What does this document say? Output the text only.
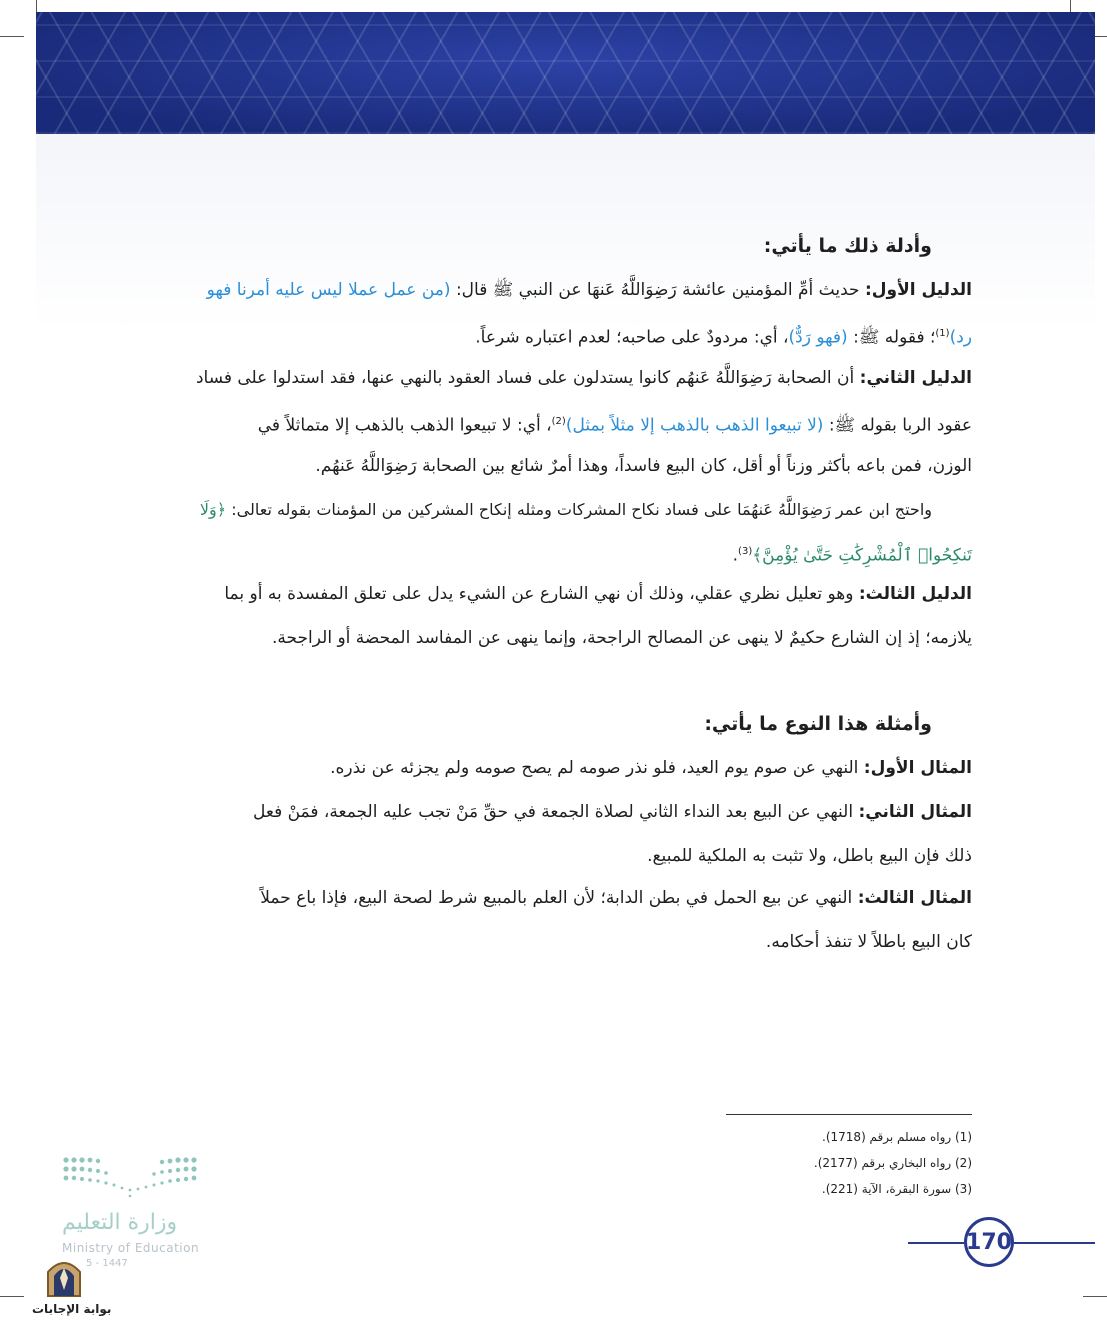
وأدلة ذلك ما يأتي:
الدليل الأول: حديث أمِّ المؤمنين عائشة رَضِوَاللَّهُ عَنهَا عن النبي ﷺ قال: (من عمل عملا ليس عليه أمرنا فهو
رد)$^{(1)}$؛ فقوله ﷺ: (فهو رَدٌّ)، أي: مردودٌ على صاحبه؛ لعدم اعتباره شرعاً.
الدليل الثاني: أن الصحابة رَضِوَاللَّهُ عَنهُم كانوا يستدلون على فساد العقود بالنهي عنها، فقد استدلوا على فساد
عقود الربا بقوله ﷺ: (لا تبيعوا الذهب بالذهب إلا مثلاً بمثل)$^{(2)}$، أي: لا تبيعوا الذهب بالذهب إلا متماثلاً في
الوزن، فمن باعه بأكثر وزناً أو أقل، كان البيع فاسداً، وهذا أمرٌ شائع بين الصحابة رَضِوَاللَّهُ عَنهُم.
واحتج ابن عمر رَضِوَاللَّهُ عَنهُمَا على فساد نكاح المشركات ومثله إنكاح المشركين من المؤمنات بقوله تعالى: ﴿وَلَا
تَنكِحُوا۟ ٱلْمُشْرِكَٰتِ حَتَّىٰ يُؤْمِنَّ﴾$^{(3)}$.
الدليل الثالث: وهو تعليل نظري عقلي، وذلك أن نهي الشارع عن الشيء يدل على تعلق المفسدة به أو بما
يلازمه؛ إذ إن الشارع حكيمٌ لا ينهى عن المصالح الراجحة، وإنما ينهى عن المفاسد المحضة أو الراجحة.
وأمثلة هذا النوع ما يأتي:
المثال الأول: النهي عن صوم يوم العيد، فلو نذر صومه لم يصح صومه ولم يجزئه عن نذره.
المثال الثاني: النهي عن البيع بعد النداء الثاني لصلاة الجمعة في حقِّ مَنْ تجب عليه الجمعة، فمَنْ فعل
ذلك فإن البيع باطل، ولا تثبت به الملكية للمبيع.
المثال الثالث: النهي عن بيع الحمل في بطن الدابة؛ لأن العلم بالمبيع شرط لصحة البيع، فإذا باع حملاً
كان البيع باطلاً لا تنفذ أحكامه.
(1) رواه مسلم برقم (1718).
(2) رواه البخاري برقم (2177).
(3) سورة البقرة، الآية (221).
170
وزارة التعليم
Ministry of Education
5 - 1447
بوابة الإجابات
